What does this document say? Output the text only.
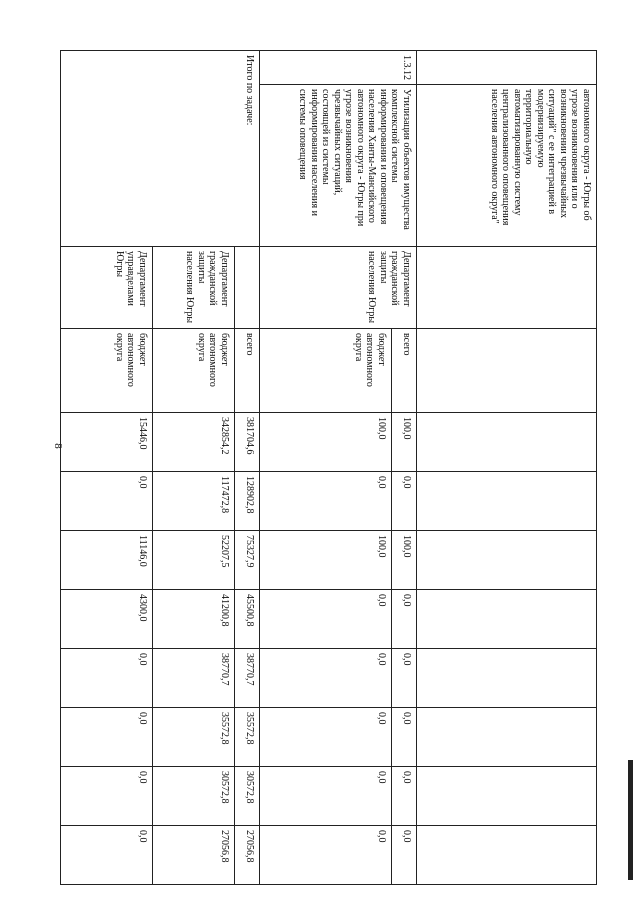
8
	автономного округа - Югры об угрозе возникновения или о возникновении чрезвычайных ситуаций" с ее интеграцией в модернизируемую территориальную автоматизированную систему централизованного оповещения населения автономного округа"										
1.3.12	Утилизация объектов имущества комплексной системы информирования и оповещения населения Ханты-Мансийского автономного округа - Югры при угрозе возникновения чрезвычайных ситуаций, состоящей из системы информирования населения и системы оповещения	Департамент гражданской защиты населения Югры	всего	100,0	0,0	100,0	0,0	0,0	0,0	0,0	0,0
			бюджет автономного округа	100,0	0,0	100,0	0,0	0,0	0,0	0,0	0,0
Итого по задаче:			всего	381704,6	128902,8	75327,9	45500,8	38770,7	35572,8	30572,8	27056,8
		Департамент гражданской защиты населения Югры	бюджет автономного округа	342854,2	117472,8	52207,5	41200,8	38770,7	35572,8	30572,8	27056,8
		Департамент управделами Югры	бюджет автономного округа	15446,0	0,0	11146,0	4300,0	0,0	0,0	0,0	0,0
